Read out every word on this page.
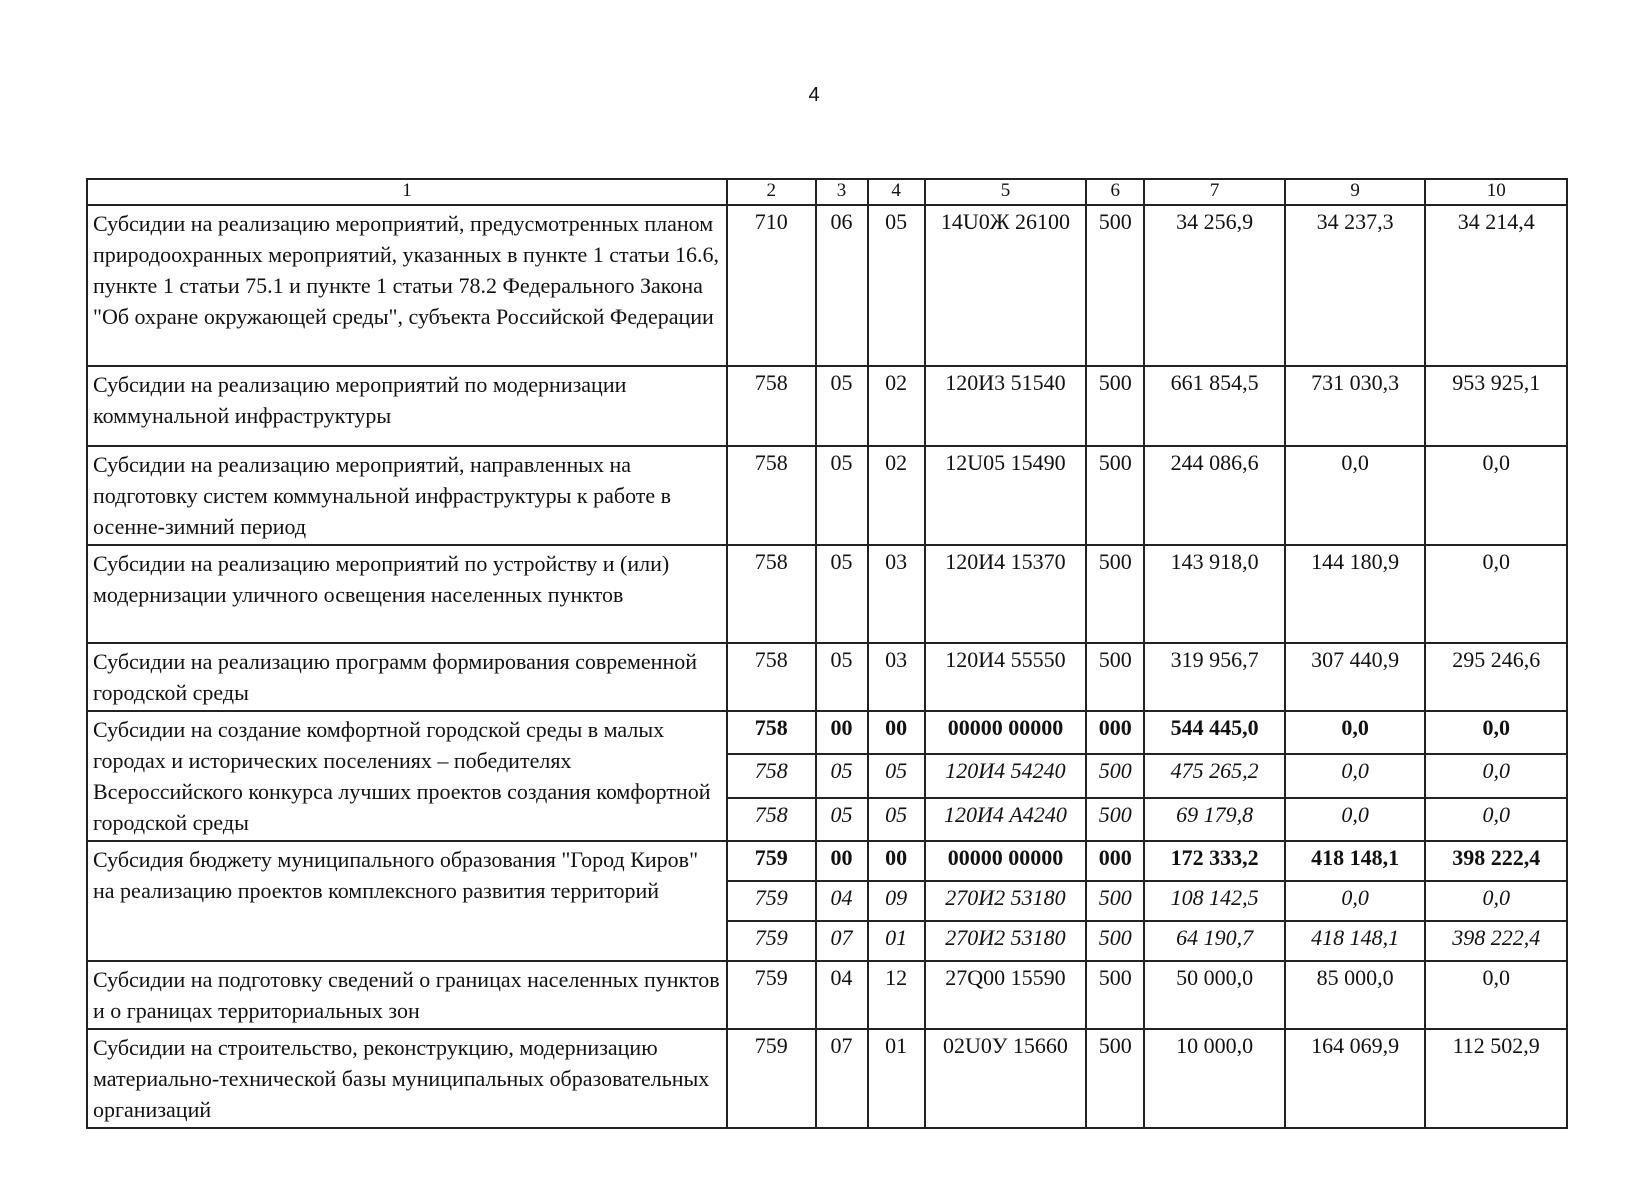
4
1	2	3	4	5	6	7	9	10
Субсидии на реализацию мероприятий, предусмотренных планом природоохранных мероприятий, указанных в пункте 1 статьи 16.6, пункте 1 статьи 75.1 и пункте 1 статьи 78.2 Федерального Закона "Об охране окружающей среды", субъекта Российской Федерации	710	06	05	14U0Ж 26100	500	34 256,9	34 237,3	34 214,4
Субсидии на реализацию мероприятий по модернизации коммунальной инфраструктуры	758	05	02	120И3 51540	500	661 854,5	731 030,3	953 925,1
Субсидии на реализацию мероприятий, направленных на подготовку систем коммунальной инфраструктуры к работе в осенне-зимний период	758	05	02	12U05 15490	500	244 086,6	0,0	0,0
Субсидии на реализацию мероприятий по устройству и (или) модернизации уличного освещения населенных пунктов	758	05	03	120И4 15370	500	143 918,0	144 180,9	0,0
Субсидии на реализацию программ формирования современной городской среды	758	05	03	120И4 55550	500	319 956,7	307 440,9	295 246,6
Субсидии на создание комфортной городской среды в малых городах и исторических поселениях – победителях Всероссийского конкурса лучших проектов создания комфортной городской среды	758	00	00	00000 00000	000	544 445,0	0,0	0,0
	758	05	05	120И4 54240	500	475 265,2	0,0	0,0
	758	05	05	120И4 А4240	500	69 179,8	0,0	0,0
Субсидия бюджету муниципального образования "Город Киров" на реализацию проектов комплексного развития территорий	759	00	00	00000 00000	000	172 333,2	418 148,1	398 222,4
	759	04	09	270И2 53180	500	108 142,5	0,0	0,0
	759	07	01	270И2 53180	500	64 190,7	418 148,1	398 222,4
Субсидии на подготовку сведений о границах населенных пунктов и о границах территориальных зон	759	04	12	27Q00 15590	500	50 000,0	85 000,0	0,0
Субсидии на строительство, реконструкцию, модернизацию материально-технической базы муниципальных образовательных организаций	759	07	01	02U0У 15660	500	10 000,0	164 069,9	112 502,9
